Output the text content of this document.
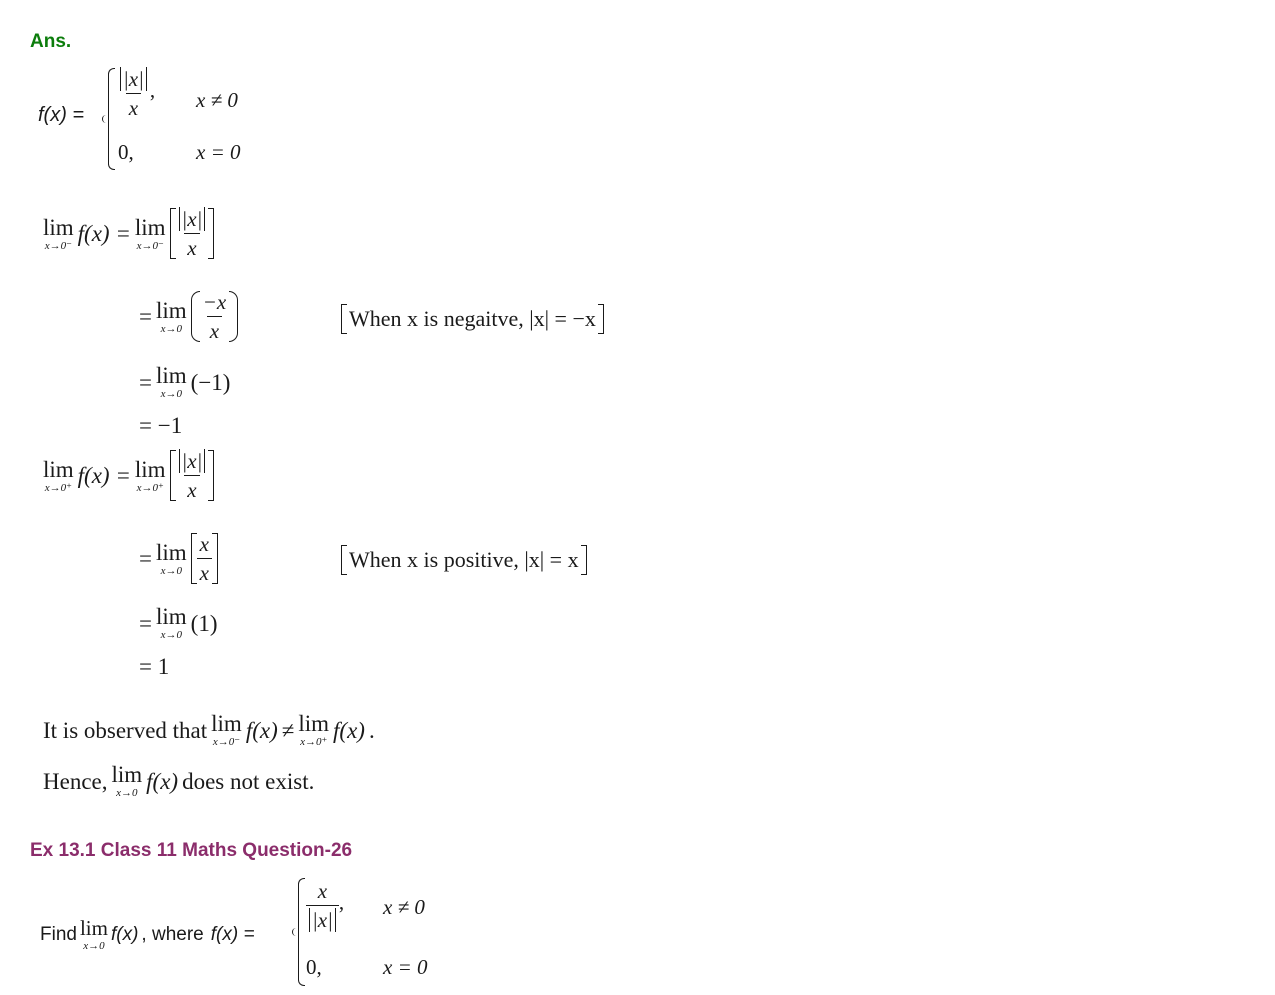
Ans.
$f(x) = \frac{|x|}{x}$ , x ≠ 0
0,	x = 0
lim
x→0⁻ f(x) = lim
$x\to 0^- \frac{|x|}{x}$
= lim
$x\to 0 \frac{-x}{x}$	When x is negaitve, |x| = −x
= lim
x→0 (−1)
= −1
lim
x→0⁺ f(x) = lim
$x\to 0^+ \frac{|x|}{x}$
= lim
$x\to 0 \frac{x}{x}$	When x is positive, |x| = x
= lim
x→0 (1)
= 1
It is observed that lim
x→0⁻ f(x) ≠ lim
x→0⁺ f(x) .
Hence, lim
x→0 f(x) does not exist.
Ex 13.1 Class 11 Maths Question-26
Find lim
x→0
f(x) , where f(x) =
$\frac{x}{|x|}$ , x ≠ 0
0,	x = 0
